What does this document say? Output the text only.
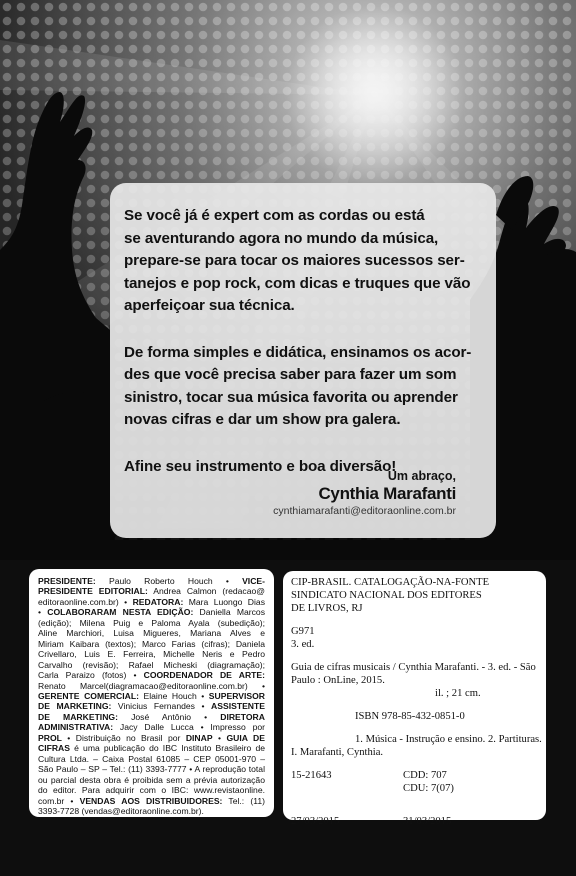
Se você já é expert com as cordas ou está
se aventurando agora no mundo da música,
prepare-se para tocar os maiores sucessos ser-
tanejos e pop rock, com dicas e truques que vão
aperfeiçoar sua técnica.

De forma simples e didática, ensinamos os acor-
des que você precisa saber para fazer um som
sinistro, tocar sua música favorita ou aprender
novas cifras e dar um show pra galera.

Afine seu instrumento e boa diversão!

Um abraço,
Cynthia Marafanti
cynthiamarafanti@editoraonline.com.br
PRESIDENTE: Paulo Roberto Houch • VICE-
PRESIDENTE EDITORIAL: Andrea Calmon (redacao@
editoraonline.com.br) • REDATORA: Mara Luongo Dias
• COLABORARAM NESTA EDIÇÃO: Daniella Marcos
(edição); Milena Puig e Paloma Ayala (subedição);
Aline Marchiori, Luisa Migueres, Mariana Alves e
Miriam Kaibara (textos); Marco Farias (cifras); Daniela
Crivellaro, Luis E. Ferreira, Michelle Neris e Pedro
Carvalho (revisão); Rafael Micheski (diagramação);
Carla Paraizo (fotos) • COORDENADOR DE ARTE:
Renato Marcel(diagramacao@editoraonline.com.br) •
GERENTE COMERCIAL: Elaine Houch • SUPERVISOR
DE MARKETING: Vinicius Fernandes • ASSISTENTE
DE MARKETING: José Antônio • DIRETORA
ADMINISTRATIVA: Jacy Dalle Lucca • Impresso por
PROL • Distribuição no Brasil por DINAP • GUIA DE
CIFRAS é uma publicação do IBC Instituto Brasileiro de
Cultura Ltda. – Caixa Postal 61085 – CEP 05001-970 –
São Paulo – SP – Tel.: (11) 3393-7777 • A reprodução total
ou parcial desta obra é proibida sem a prévia autorização
do editor. Para adquirir com o IBC: www.revistaonline.
com.br • VENDAS AOS DISTRIBUIDORES: Tel.: (11)
3393-7728 (vendas@editoraonline.com.br).
CIP-BRASIL. CATALOGAÇÃO-NA-FONTE
SINDICATO NACIONAL DOS EDITORES
DE LIVROS, RJ
G971
3. ed.
Guia de cifras musicais / Cynthia Marafanti. - 3. ed. - São
Paulo : OnLine, 2015.
il. ; 21 cm.
ISBN 978-85-432-0851-0
1. Música - Instrução e ensino. 2. Partituras.
I. Marafanti, Cynthia.
15-21643	CDD: 707
CDU: 7(07)
27/03/2015	31/03/2015
